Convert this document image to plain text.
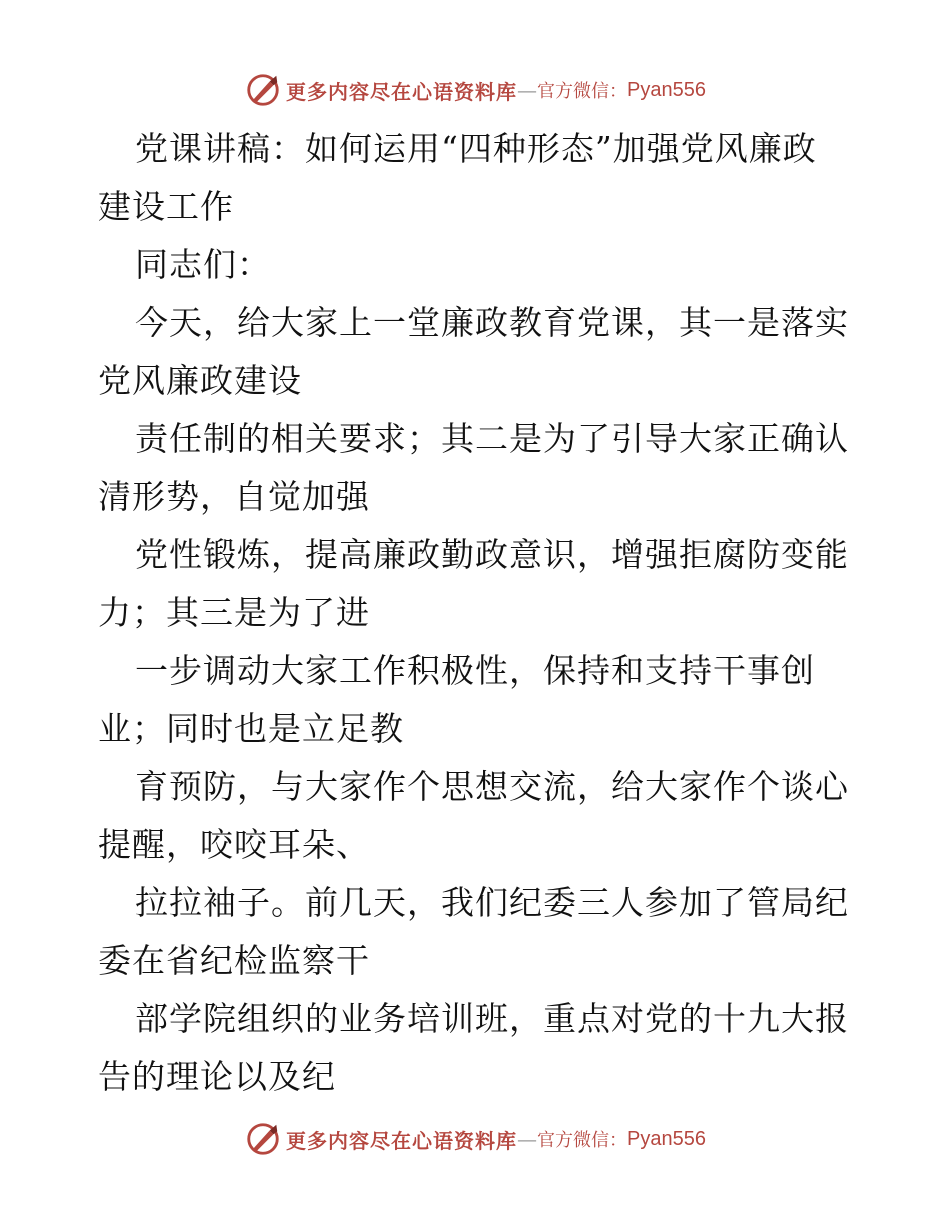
更多内容尽在心语资料库 — 官方微信： Pyan556
党课讲稿：如何运用“四种形态”加强党风廉政
建设工作
同志们：
今天，给大家上一堂廉政教育党课，其一是落实
党风廉政建设
责任制的相关要求；其二是为了引导大家正确认
清形势，自觉加强
党性锻炼，提高廉政勤政意识，增强拒腐防变能
力；其三是为了进
一步调动大家工作积极性，保持和支持干事创
业；同时也是立足教
育预防，与大家作个思想交流，给大家作个谈心
提醒，咬咬耳朵、
拉拉袖子。前几天，我们纪委三人参加了管局纪
委在省纪检监察干
部学院组织的业务培训班，重点对党的十九大报
告的理论以及纪
更多内容尽在心语资料库 — 官方微信： Pyan556
